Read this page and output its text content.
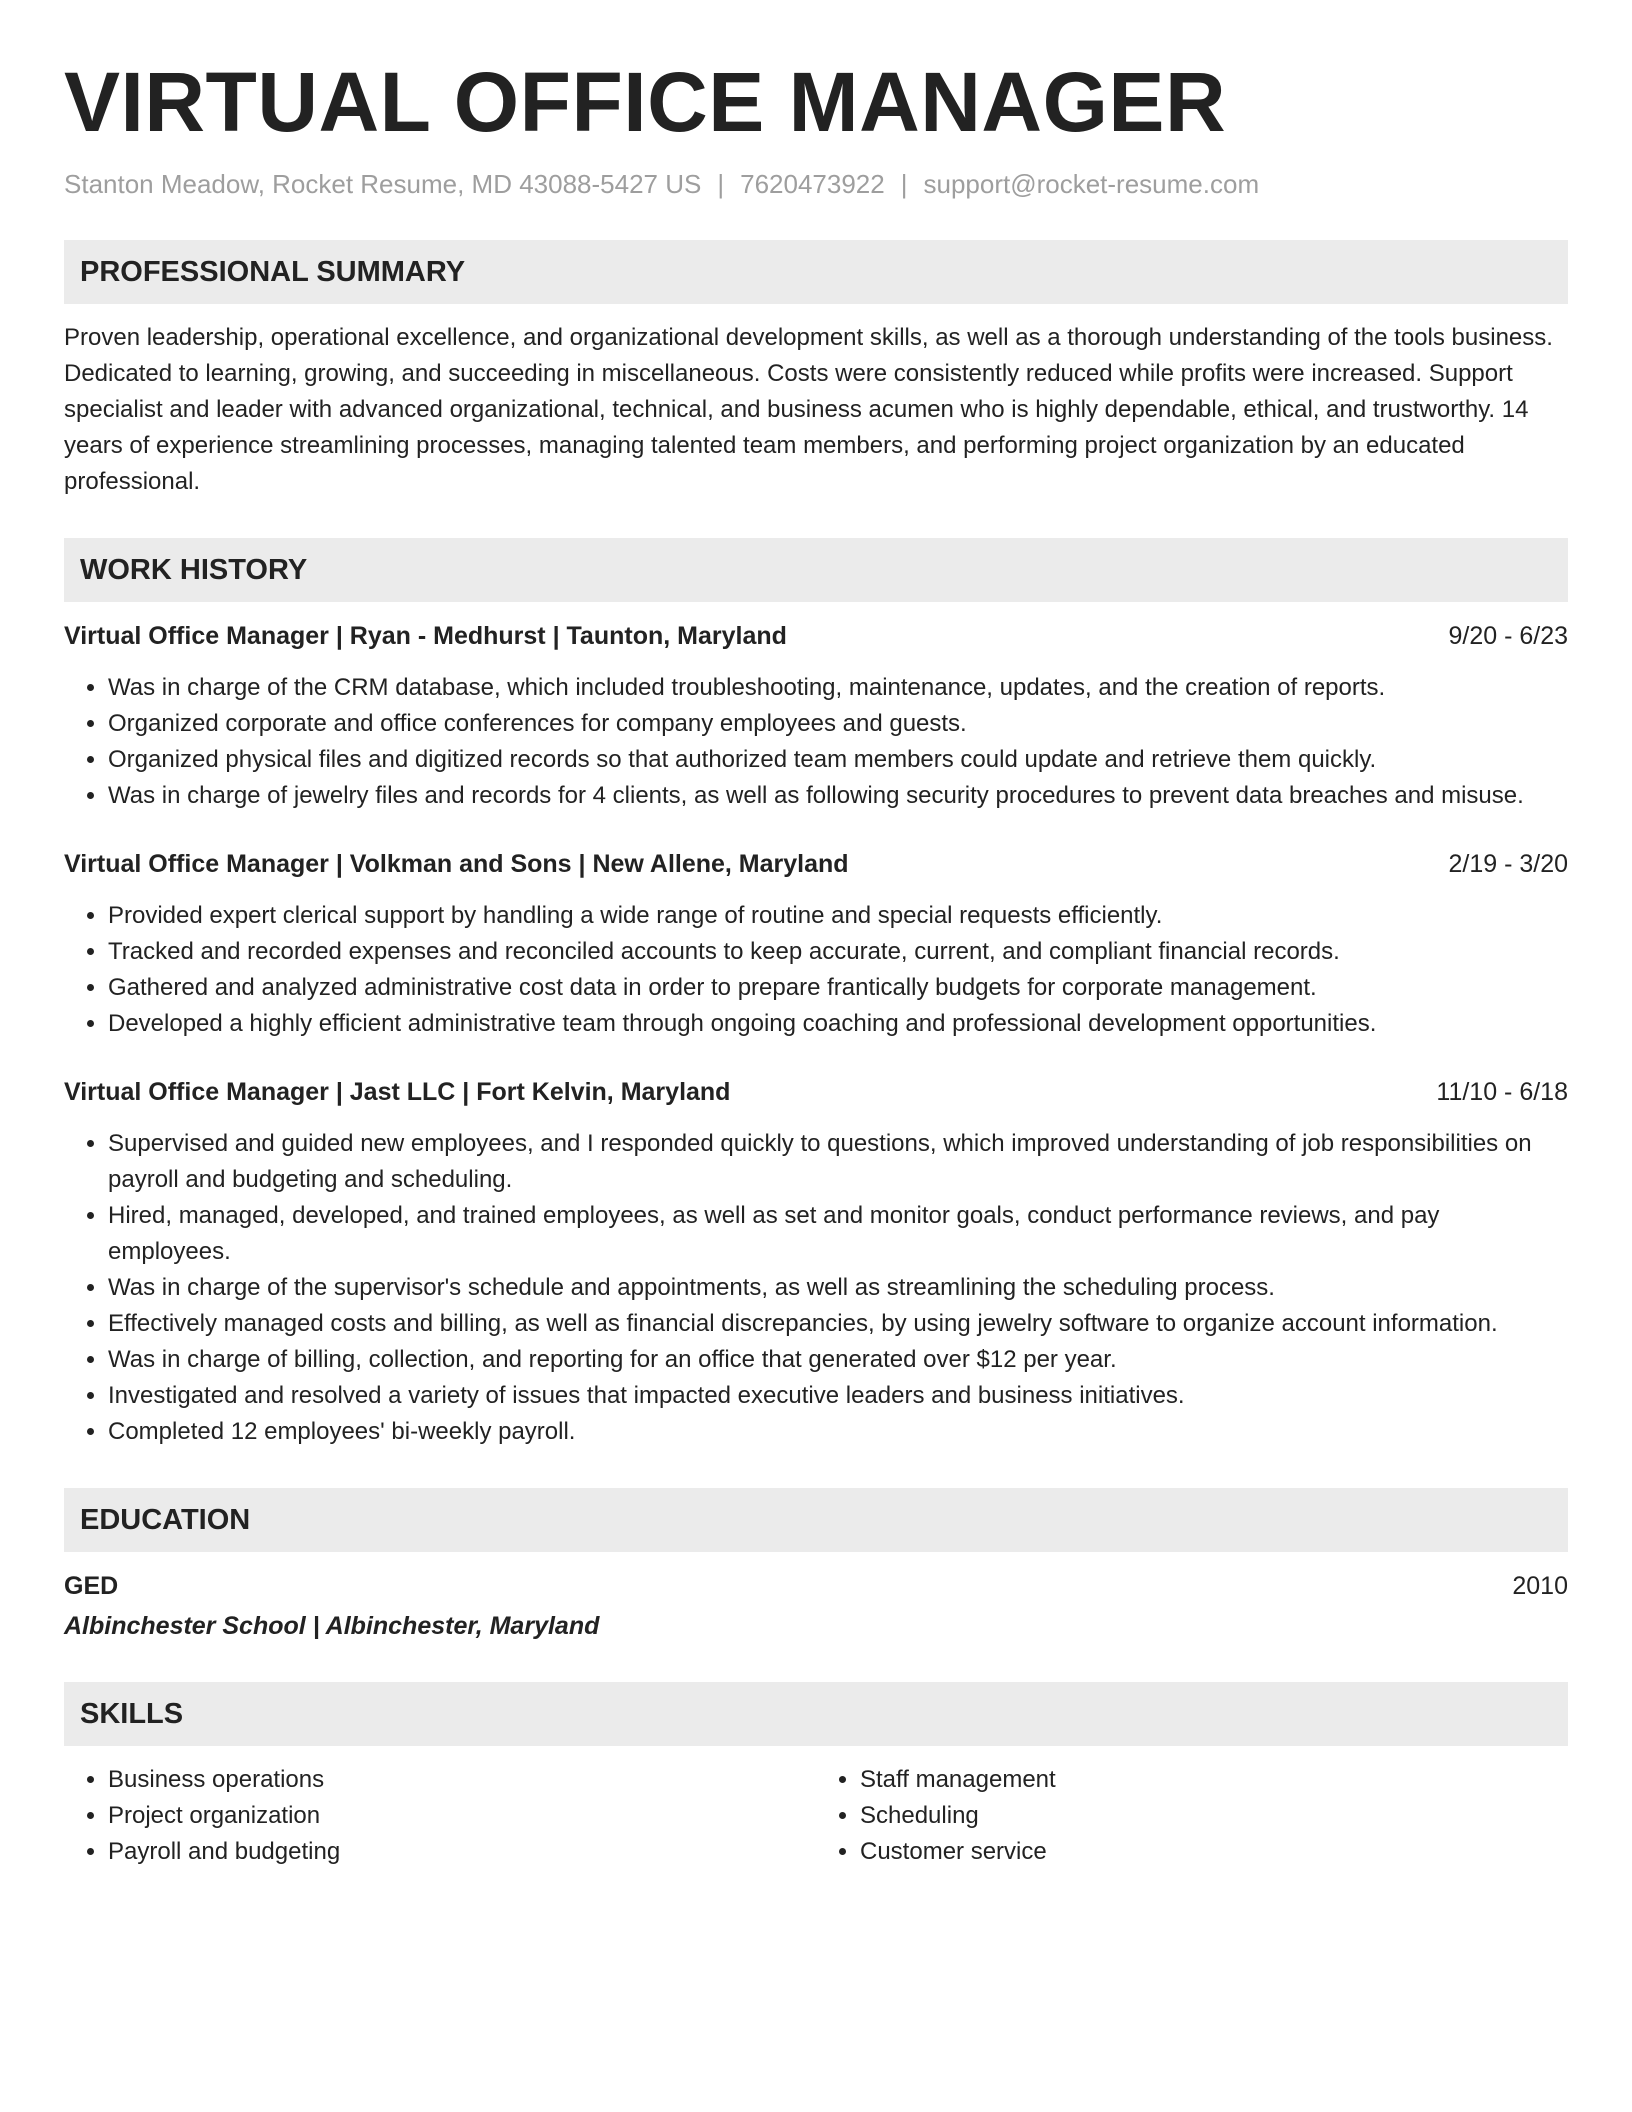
VIRTUAL OFFICE MANAGER
Stanton Meadow, Rocket Resume, MD 43088-5427 US | 7620473922 | support@rocket-resume.com
PROFESSIONAL SUMMARY
Proven leadership, operational excellence, and organizational development skills, as well as a thorough understanding of the tools business. Dedicated to learning, growing, and succeeding in miscellaneous. Costs were consistently reduced while profits were increased. Support specialist and leader with advanced organizational, technical, and business acumen who is highly dependable, ethical, and trustworthy. 14 years of experience streamlining processes, managing talented team members, and performing project organization by an educated professional.
WORK HISTORY
Virtual Office Manager | Ryan - Medhurst | Taunton, Maryland	9/20 - 6/23
• Was in charge of the CRM database, which included troubleshooting, maintenance, updates, and the creation of reports.
• Organized corporate and office conferences for company employees and guests.
• Organized physical files and digitized records so that authorized team members could update and retrieve them quickly.
• Was in charge of jewelry files and records for 4 clients, as well as following security procedures to prevent data breaches and misuse.
Virtual Office Manager | Volkman and Sons | New Allene, Maryland	2/19 - 3/20
• Provided expert clerical support by handling a wide range of routine and special requests efficiently.
• Tracked and recorded expenses and reconciled accounts to keep accurate, current, and compliant financial records.
• Gathered and analyzed administrative cost data in order to prepare frantically budgets for corporate management.
• Developed a highly efficient administrative team through ongoing coaching and professional development opportunities.
Virtual Office Manager | Jast LLC | Fort Kelvin, Maryland	11/10 - 6/18
• Supervised and guided new employees, and I responded quickly to questions, which improved understanding of job responsibilities on payroll and budgeting and scheduling.
• Hired, managed, developed, and trained employees, as well as set and monitor goals, conduct performance reviews, and pay employees.
• Was in charge of the supervisor's schedule and appointments, as well as streamlining the scheduling process.
• Effectively managed costs and billing, as well as financial discrepancies, by using jewelry software to organize account information.
• Was in charge of billing, collection, and reporting for an office that generated over $12 per year.
• Investigated and resolved a variety of issues that impacted executive leaders and business initiatives.
• Completed 12 employees' bi-weekly payroll.
EDUCATION
GED	2010
Albinchester School | Albinchester, Maryland
SKILLS
• Business operations
• Project organization
• Payroll and budgeting
• Staff management
• Scheduling
• Customer service
